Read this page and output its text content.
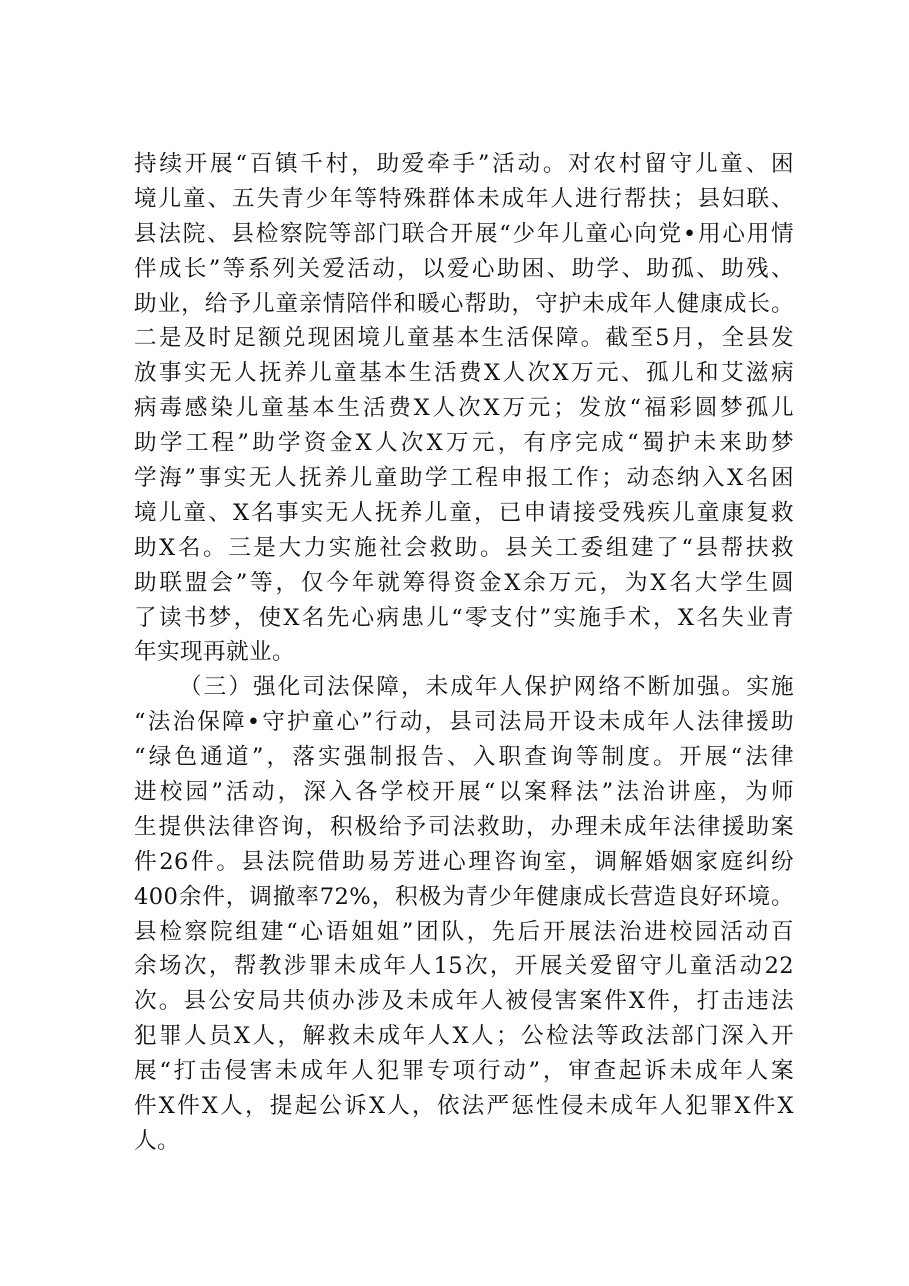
持续开展“百镇千村，助爱牵手”活动。对农村留守儿童、困
境儿童、五失青少年等特殊群体未成年人进行帮扶；县妇联、
县法院、县检察院等部门联合开展“少年儿童心向党•用心用情
伴成长”等系列关爱活动，以爱心助困、助学、助孤、助残、
助业，给予儿童亲情陪伴和暖心帮助，守护未成年人健康成长。
二是及时足额兑现困境儿童基本生活保障。截至5月，全县发
放事实无人抚养儿童基本生活费X人次X万元、孤儿和艾滋病
病毒感染儿童基本生活费X人次X万元；发放“福彩圆梦孤儿
助学工程”助学资金X人次X万元，有序完成“蜀护未来助梦
学海”事实无人抚养儿童助学工程申报工作；动态纳入X名困
境儿童、X名事实无人抚养儿童，已申请接受残疾儿童康复救
助X名。三是大力实施社会救助。县关工委组建了“县帮扶救
助联盟会”等，仅今年就筹得资金X余万元，为X名大学生圆
了读书梦，使X名先心病患儿“零支付”实施手术，X名失业青
年实现再就业。
（三）强化司法保障，未成年人保护网络不断加强。实施
“法治保障•守护童心”行动，县司法局开设未成年人法律援助
“绿色通道”，落实强制报告、入职查询等制度。开展“法律
进校园”活动，深入各学校开展“以案释法”法治讲座，为师
生提供法律咨询，积极给予司法救助，办理未成年法律援助案
件26件。县法院借助易芳进心理咨询室，调解婚姻家庭纠纷
400余件，调撤率72%，积极为青少年健康成长营造良好环境。
县检察院组建“心语姐姐”团队，先后开展法治进校园活动百
余场次，帮教涉罪未成年人15次，开展关爱留守儿童活动22
次。县公安局共侦办涉及未成年人被侵害案件X件，打击违法
犯罪人员X人，解救未成年人X人；公检法等政法部门深入开
展“打击侵害未成年人犯罪专项行动”，审查起诉未成年人案
件X件X人，提起公诉X人，依法严惩性侵未成年人犯罪X件X
人。
